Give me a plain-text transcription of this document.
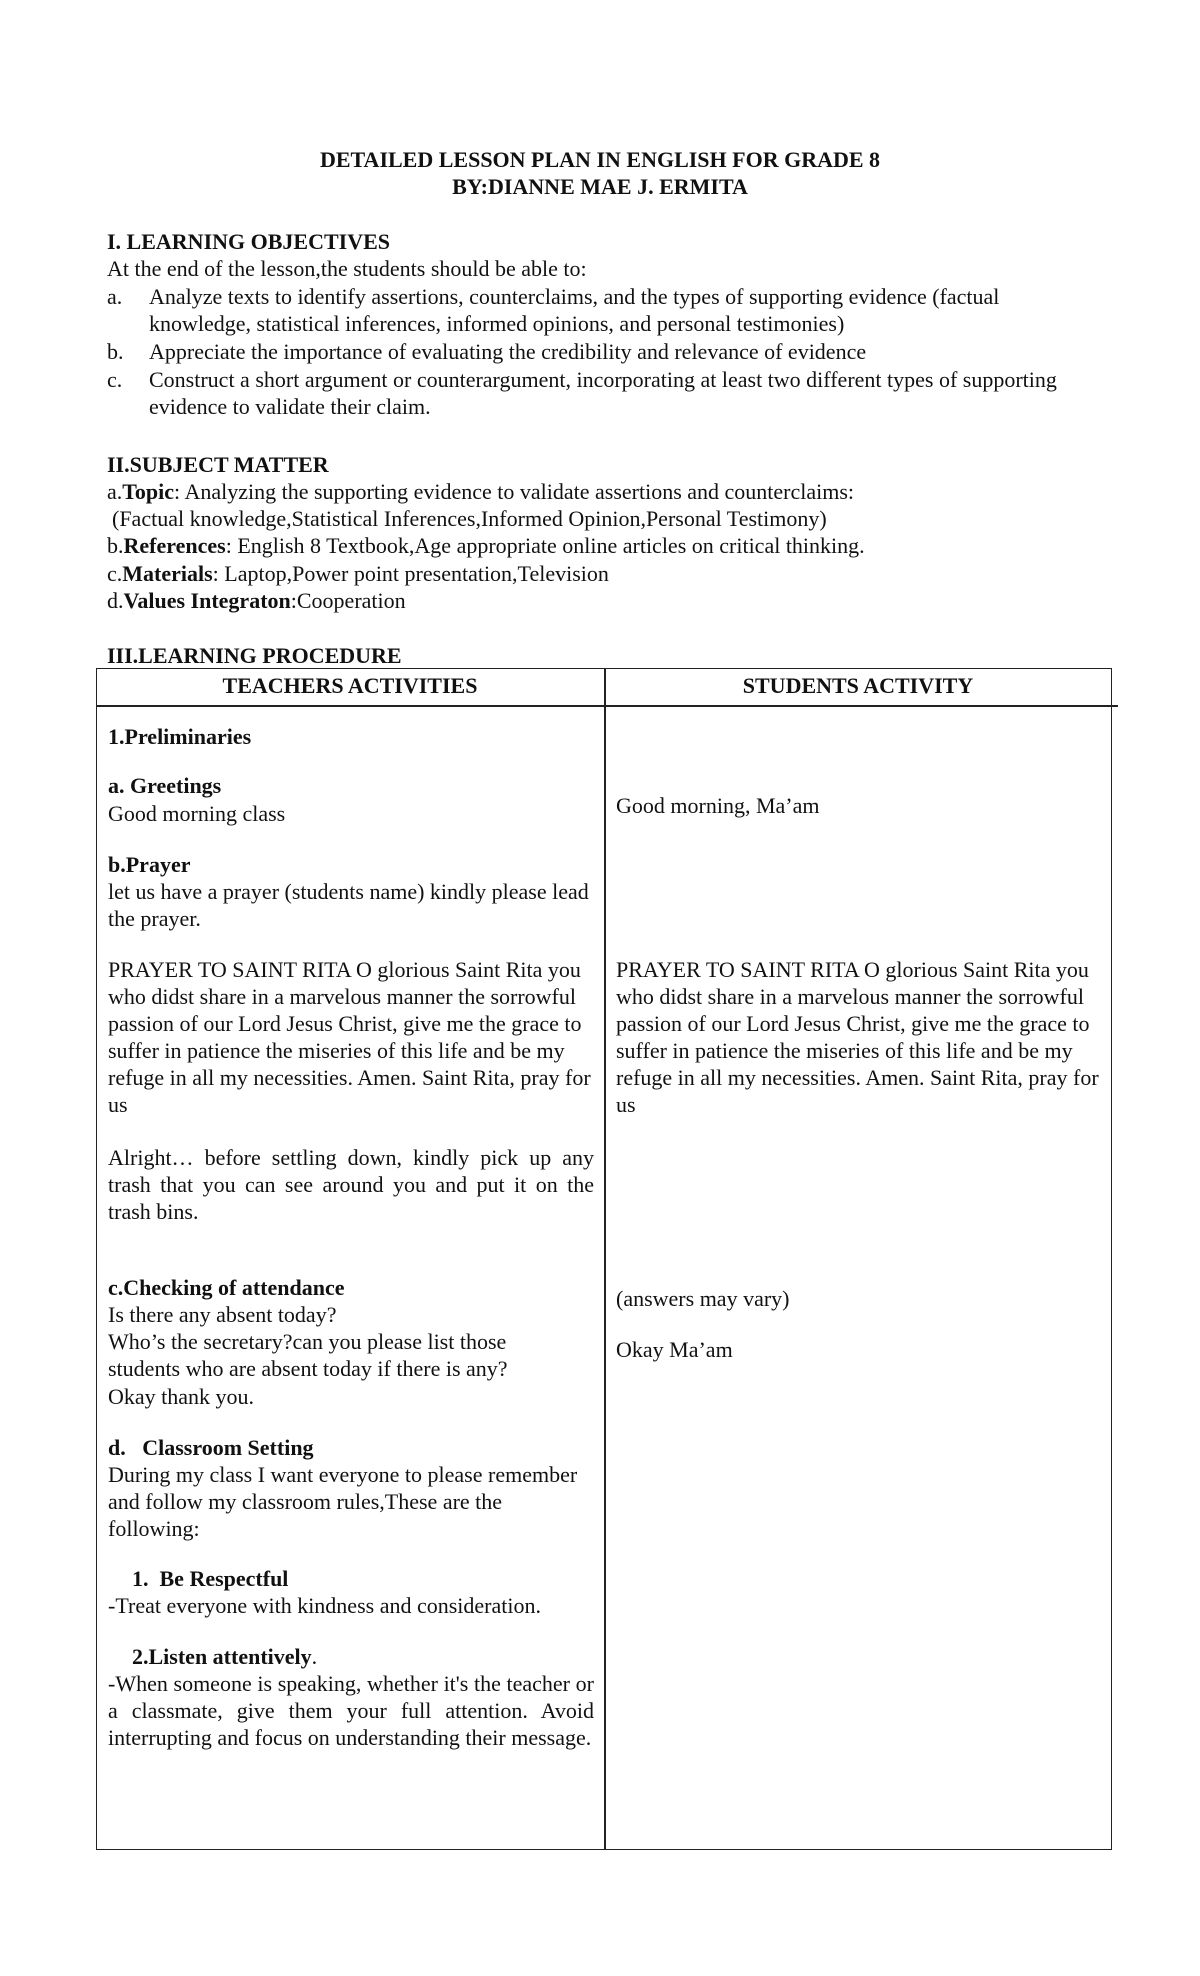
DETAILED LESSON PLAN IN ENGLISH FOR GRADE 8
BY:DIANNE MAE J. ERMITA
I. LEARNING OBJECTIVES
At the end of the lesson,the students should be able to:
a. Analyze texts to identify assertions, counterclaims, and the types of supporting evidence (factual knowledge, statistical inferences, informed opinions, and personal testimonies)
b. Appreciate the importance of evaluating the credibility and relevance of evidence
c. Construct a short argument or counterargument, incorporating at least two different types of supporting evidence to validate their claim.
II.SUBJECT MATTER
a.Topic: Analyzing the supporting evidence to validate assertions and counterclaims:
(Factual knowledge,Statistical Inferences,Informed Opinion,Personal Testimony)
b.References: English 8 Textbook,Age appropriate online articles on critical thinking.
c.Materials: Laptop,Power point presentation,Television
d.Values Integraton:Cooperation
III.LEARNING PROCEDURE
TEACHERS ACTIVITIES	STUDENTS ACTIVITY
1.Preliminaries
a. Greetings
Good morning class
b.Prayer
let us have a prayer (students name) kindly please lead the prayer.
PRAYER TO SAINT RITA O glorious Saint Rita you who didst share in a marvelous manner the sorrowful passion of our Lord Jesus Christ, give me the grace to suffer in patience the miseries of this life and be my refuge in all my necessities. Amen. Saint Rita, pray for us
Alright… before settling down, kindly pick up any trash that you can see around you and put it on the trash bins.
c.Checking of attendance
Is there any absent today?
Who’s the secretary?can you please list those students who are absent today if there is any?
Okay thank you.
d.   Classroom Setting
During my class I want everyone to please remember and follow my classroom rules,These are the following:
1.  Be Respectful
-Treat everyone with kindness and consideration.
2.Listen attentively.
-When someone is speaking, whether it's the teacher or a classmate, give them your full attention. Avoid interrupting and focus on understanding their message.
Good morning, Ma’am
PRAYER TO SAINT RITA O glorious Saint Rita you who didst share in a marvelous manner the sorrowful passion of our Lord Jesus Christ, give me the grace to suffer in patience the miseries of this life and be my refuge in all my necessities. Amen. Saint Rita, pray for us
(answers may vary)
Okay Ma’am
